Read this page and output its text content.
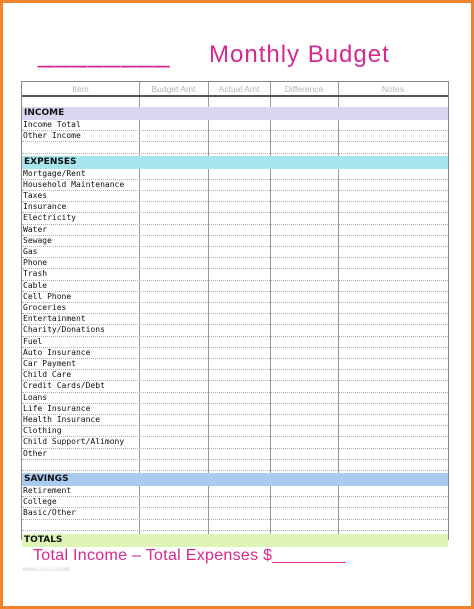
________ Monthly Budget
Item	Budget Amt	Actual Amt	Difference	Notes
INCOME
Income Total
Other Income
EXPENSES
Mortgage/Rent
Household Maintenance
Taxes
Insurance
Electricity
Water
Sewage
Gas
Phone
Trash
Cable
Cell Phone
Groceries
Entertainment
Charity/Donations
Fuel
Auto Insurance
Car Payment
Child Care
Credit Cards/Debt
Loans
Life Insurance
Health Insurance
Clothing
Child Support/Alimony
Other
SAVINGS
Retirement
College
Basic/Other
TOTALS
Total Income – Total Expenses $________
www.i.i.i.i.i.i.i.com
